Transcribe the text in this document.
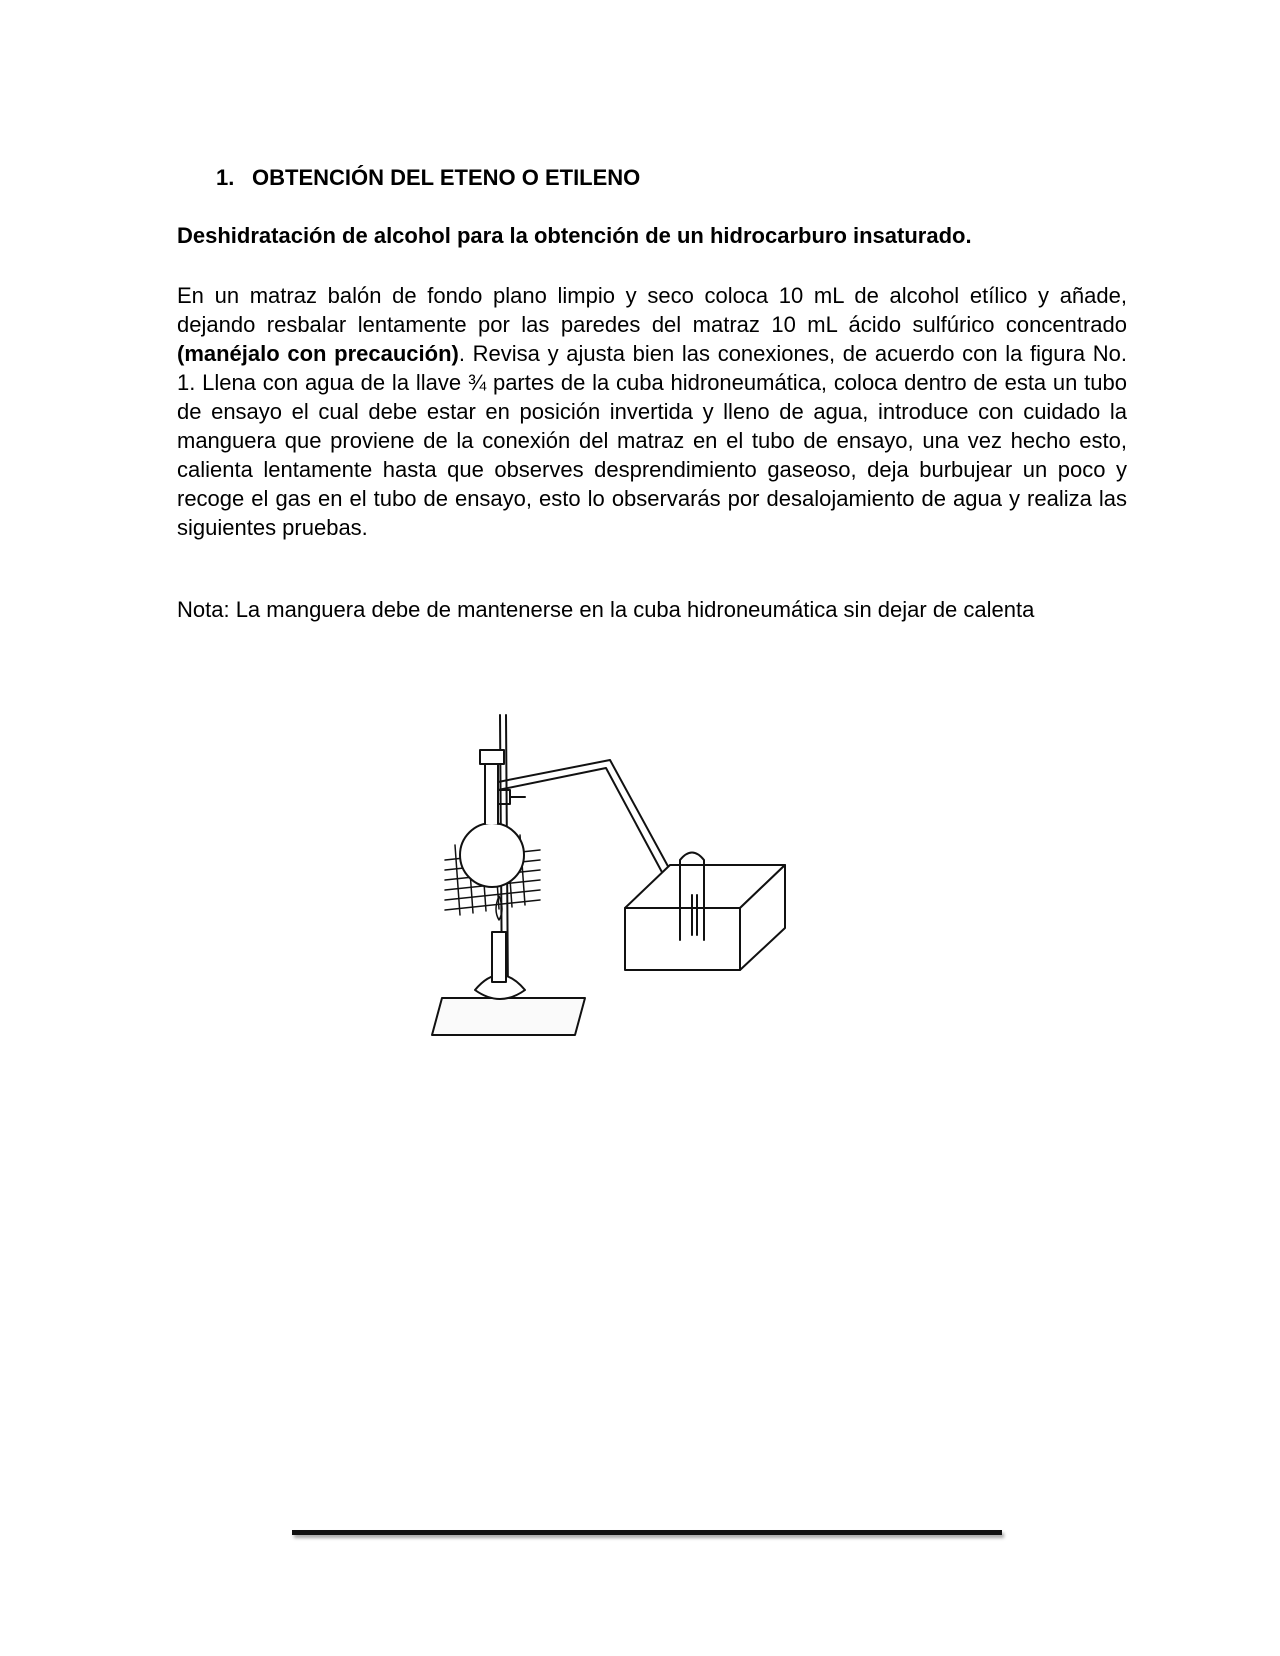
1. OBTENCIÓN DEL ETENO O ETILENO
Deshidratación de alcohol para la obtención de un hidrocarburo insaturado.

En un matraz balón de fondo plano limpio y seco coloca 10 mL de alcohol etílico y añade, dejando resbalar lentamente por las paredes del matraz 10 mL ácido sulfúrico concentrado (manéjalo con precaución). Revisa y ajusta bien las conexiones, de acuerdo con la figura No. 1. Llena con agua de la llave ¾ partes de la cuba hidroneumática, coloca dentro de esta un tubo de ensayo el cual debe estar en posición invertida y lleno de agua, introduce con cuidado la manguera que proviene de la conexión del matraz en el tubo de ensayo, una vez hecho esto, calienta lentamente hasta que observes desprendimiento gaseoso, deja burbujear un poco y recoge el gas en el tubo de ensayo, esto lo observarás por desalojamiento de agua y realiza las siguientes pruebas.

Nota: La manguera debe de mantenerse en la cuba hidroneumática sin dejar de calenta
